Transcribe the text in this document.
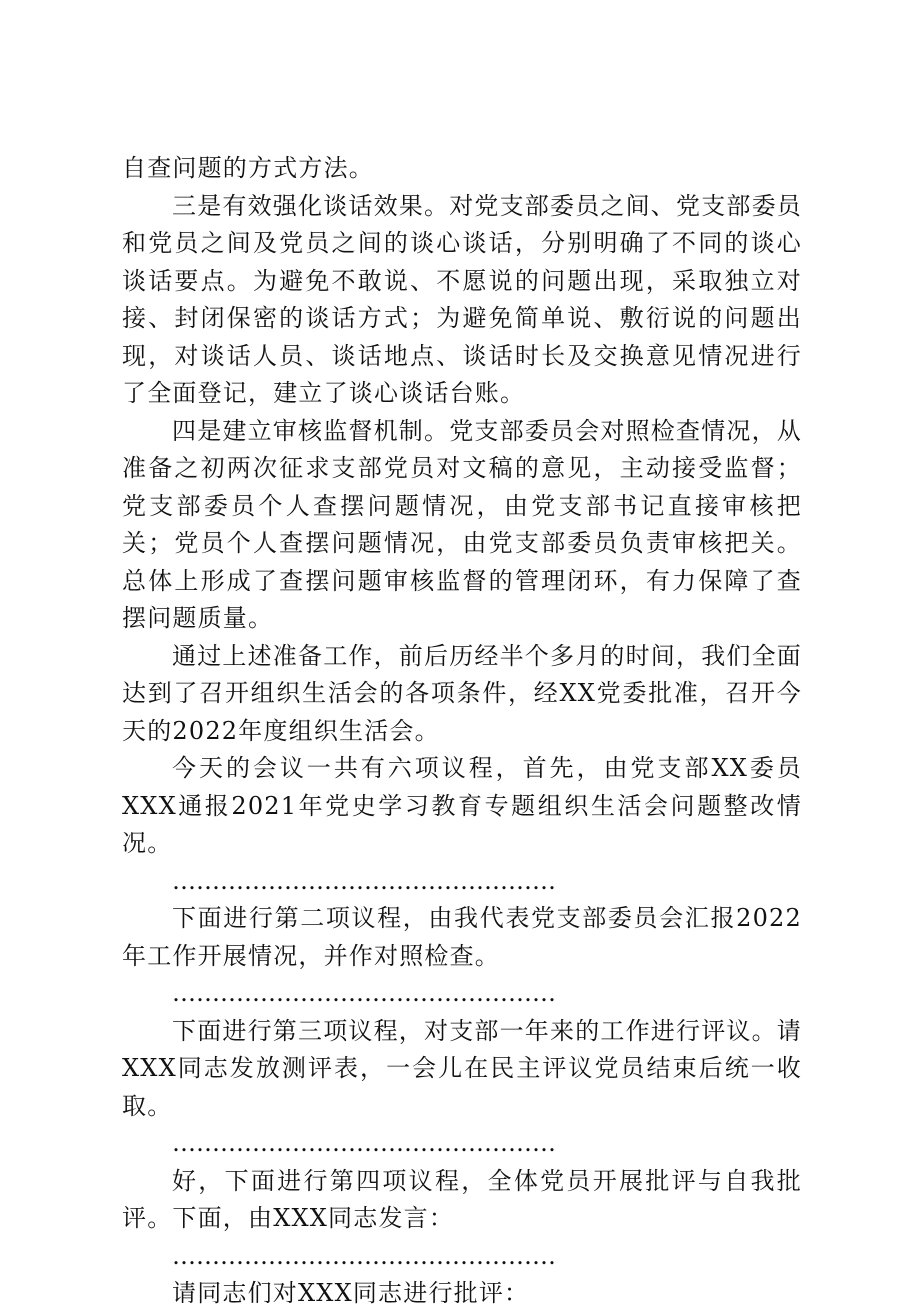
自查问题的方式方法。

三是有效强化谈话效果。对党支部委员之间、党支部委员和党员之间及党员之间的谈心谈话，分别明确了不同的谈心谈话要点。为避免不敢说、不愿说的问题出现，采取独立对接、封闭保密的谈话方式；为避免简单说、敷衍说的问题出现，对谈话人员、谈话地点、谈话时长及交换意见情况进行了全面登记，建立了谈心谈话台账。

四是建立审核监督机制。党支部委员会对照检查情况，从准备之初两次征求支部党员对文稿的意见，主动接受监督；党支部委员个人查摆问题情况，由党支部书记直接审核把关；党员个人查摆问题情况，由党支部委员负责审核把关。总体上形成了查摆问题审核监督的管理闭环，有力保障了查摆问题质量。

通过上述准备工作，前后历经半个多月的时间，我们全面达到了召开组织生活会的各项条件，经XX党委批准，召开今天的2022年度组织生活会。

今天的会议一共有六项议程，首先，由党支部XX委员XXX通报2021年党史学习教育专题组织生活会问题整改情况。

…………………………………………

下面进行第二项议程，由我代表党支部委员会汇报2022年工作开展情况，并作对照检查。

…………………………………………

下面进行第三项议程，对支部一年来的工作进行评议。请XXX同志发放测评表，一会儿在民主评议党员结束后统一收取。

…………………………………………

好，下面进行第四项议程，全体党员开展批评与自我批评。下面，由XXX同志发言：

…………………………………………

请同志们对XXX同志进行批评：
